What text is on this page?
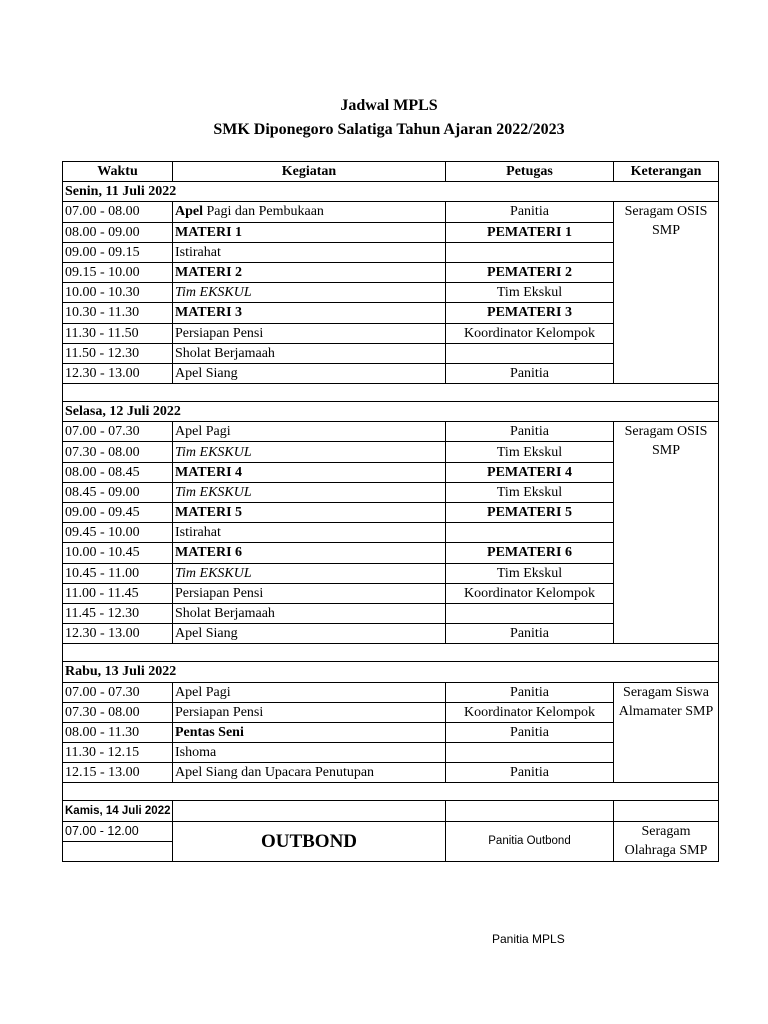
Jadwal MPLS
SMK Diponegoro Salatiga Tahun Ajaran 2022/2023
Waktu	Kegiatan	Petugas	Keterangan
Senin, 11 Juli 2022			
07.00 - 08.00	Apel Pagi dan Pembukaan	Panitia	Seragam OSIS SMP
08.00 - 09.00	MATERI 1	PEMATERI 1	
09.00 - 09.15	Istirahat		
09.15 - 10.00	MATERI 2	PEMATERI 2	
10.00 - 10.30	Tim EKSKUL	Tim Ekskul	
10.30 - 11.30	MATERI 3	PEMATERI 3	
11.30 - 11.50	Persiapan Pensi	Koordinator Kelompok	
11.50 - 12.30	Sholat Berjamaah		
12.30 - 13.00	Apel Siang	Panitia	

Selasa, 12 Juli 2022			
07.00 - 07.30	Apel Pagi	Panitia	Seragam OSIS SMP
07.30 - 08.00	Tim EKSKUL	Tim Ekskul	
08.00 - 08.45	MATERI 4	PEMATERI 4	
08.45 - 09.00	Tim EKSKUL	Tim Ekskul	
09.00 - 09.45	MATERI 5	PEMATERI 5	
09.45 - 10.00	Istirahat		
10.00 - 10.45	MATERI 6	PEMATERI 6	
10.45 - 11.00	Tim EKSKUL	Tim Ekskul	
11.00 - 11.45	Persiapan Pensi	Koordinator Kelompok	
11.45 - 12.30	Sholat Berjamaah		
12.30 - 13.00	Apel Siang	Panitia	

Rabu, 13 Juli 2022			
07.00 - 07.30	Apel Pagi	Panitia	Seragam Siswa Almamater SMP
07.30 - 08.00	Persiapan Pensi	Koordinator Kelompok	
08.00 - 11.30	Pentas Seni	Panitia	
11.30 - 12.15	Ishoma		
12.15 - 13.00	Apel Siang dan Upacara Penutupan	Panitia	

Kamis, 14 Juli 2022			
07.00 - 12.00	OUTBOND	Panitia Outbond	Seragam Olahraga SMP

Panitia MPLS
